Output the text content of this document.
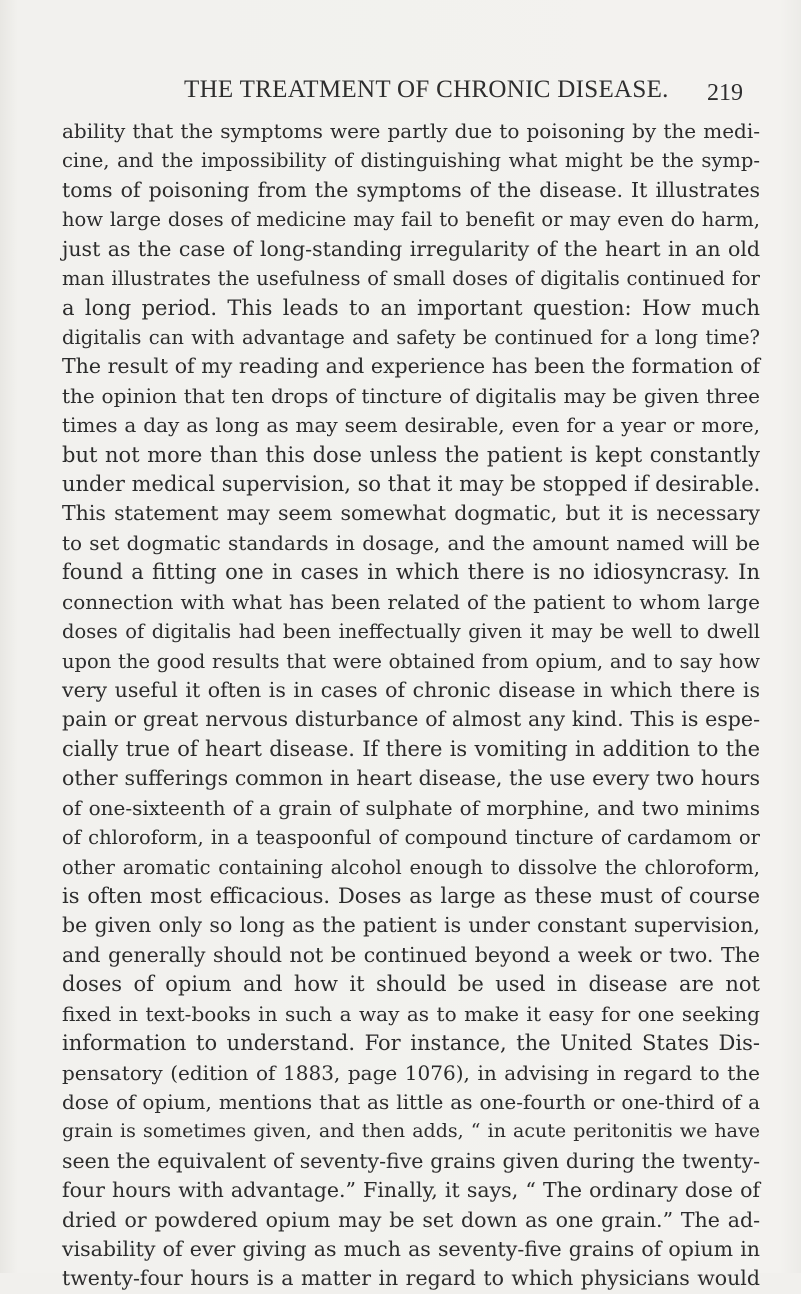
THE TREATMENT OF CHRONIC DISEASE. 219
ability that the symptoms were partly due to poisoning by the medi-
cine, and the impossibility of distinguishing what might be the symp-
toms of poisoning from the symptoms of the disease. It illustrates
how large doses of medicine may fail to benefit or may even do harm,
just as the case of long-standing irregularity of the heart in an old
man illustrates the usefulness of small doses of digitalis continued for
a long period. This leads to an important question: How much
digitalis can with advantage and safety be continued for a long time?
The result of my reading and experience has been the formation of
the opinion that ten drops of tincture of digitalis may be given three
times a day as long as may seem desirable, even for a year or more,
but not more than this dose unless the patient is kept constantly
under medical supervision, so that it may be stopped if desirable.
This statement may seem somewhat dogmatic, but it is necessary
to set dogmatic standards in dosage, and the amount named will be
found a fitting one in cases in which there is no idiosyncrasy. In
connection with what has been related of the patient to whom large
doses of digitalis had been ineffectually given it may be well to dwell
upon the good results that were obtained from opium, and to say how
very useful it often is in cases of chronic disease in which there is
pain or great nervous disturbance of almost any kind. This is espe-
cially true of heart disease. If there is vomiting in addition to the
other sufferings common in heart disease, the use every two hours
of one-sixteenth of a grain of sulphate of morphine, and two minims
of chloroform, in a teaspoonful of compound tincture of cardamom or
other aromatic containing alcohol enough to dissolve the chloroform,
is often most efficacious. Doses as large as these must of course
be given only so long as the patient is under constant supervision,
and generally should not be continued beyond a week or two. The
doses of opium and how it should be used in disease are not
fixed in text-books in such a way as to make it easy for one seeking
information to understand. For instance, the United States Dis-
pensatory (edition of 1883, page 1076), in advising in regard to the
dose of opium, mentions that as little as one-fourth or one-third of a
grain is sometimes given, and then adds, “ in acute peritonitis we have
seen the equivalent of seventy-five grains given during the twenty-
four hours with advantage.” Finally, it says, “ The ordinary dose of
dried or powdered opium may be set down as one grain.” The ad-
visability of ever giving as much as seventy-five grains of opium in
twenty-four hours is a matter in regard to which physicians would
